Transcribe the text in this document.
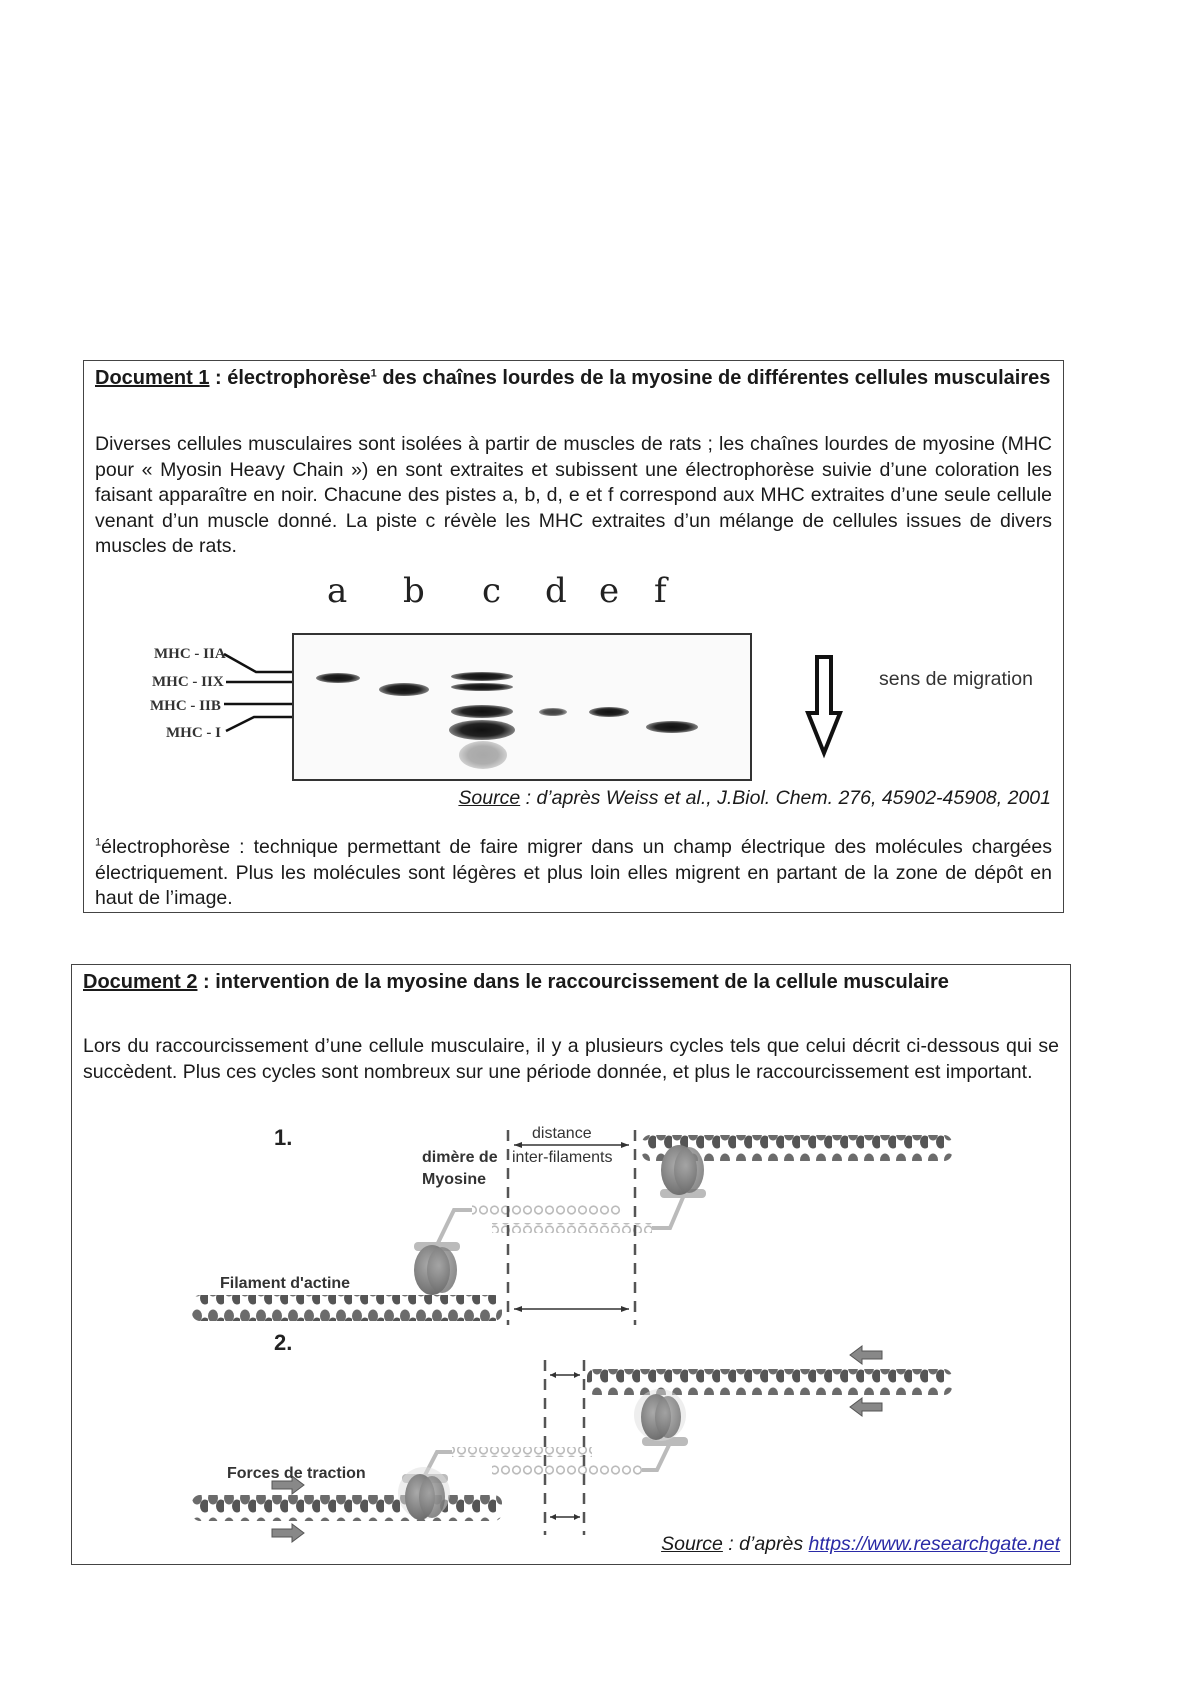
Document 1 : électrophorèse$^1$ des chaînes lourdes de la myosine de différentes cellules musculaires
Diverses cellules musculaires sont isolées à partir de muscles de rats ; les chaînes lourdes de myosine (MHC pour « Myosin Heavy Chain ») en sont extraites et subissent une électrophorèse suivie d’une coloration les faisant apparaître en noir. Chacune des pistes a, b, d, e et f correspond aux MHC extraites d’une seule cellule venant d’un muscle donné. La piste c révèle les MHC extraites d’un mélange de cellules issues de divers muscles de rats.
a b c d e f
MHC - IIA
MHC - IIX
MHC - IIB
MHC - I
sens de migration
Source : d’après Weiss et al., J.Biol. Chem. 276, 45902-45908, 2001
$^1$électrophorèse : technique permettant de faire migrer dans un champ électrique des molécules chargées électriquement. Plus les molécules sont légères et plus loin elles migrent en partant de la zone de dépôt en haut de l’image.
Document 2 : intervention de la myosine dans le raccourcissement de la cellule musculaire
Lors du raccourcissement d’une cellule musculaire, il y a plusieurs cycles tels que celui décrit ci-dessous qui se succèdent. Plus ces cycles sont nombreux sur une période donnée, et plus le raccourcissement est important.
1.
2.
distance
inter-filaments
dimère de
Myosine
Filament d'actine
Forces de traction
Source : d’après https://www.researchgate.net
